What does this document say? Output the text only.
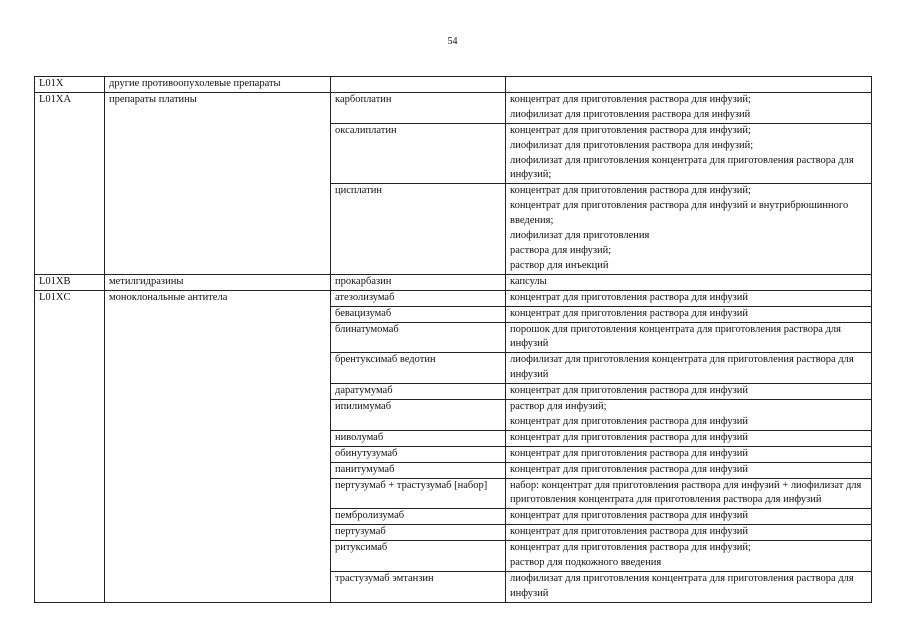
54
L01X	другие противоопухолевые препараты		
L01XA	препараты платины	карбоплатин	концентрат для приготовления раствора для инфузий;
лиофилизат для приготовления раствора для инфузий

		оксалиплатин	концентрат для приготовления раствора для инфузий;
лиофилизат для приготовления раствора для инфузий;
лиофилизат для приготовления концентрата для приготовления раствора для инфузий;

		цисплатин	концентрат для приготовления раствора для инфузий;
концентрат для приготовления раствора для инфузий и внутрибрюшинного введения;
лиофилизат для приготовления
раствора для инфузий;
раствор для инъекций

L01XB	метилгидразины	прокарбазин	капсулы

L01XC	моноклональные антитела	атезолизумаб	концентрат для приготовления раствора для инфузий

		бевацизумаб	концентрат для приготовления раствора для инфузий

		блинатумомаб	порошок для приготовления концентрата для приготовления раствора для инфузий

		брентуксимаб ведотин	лиофилизат для приготовления концентрата для приготовления раствора для инфузий

		даратумумаб	концентрат для приготовления раствора для инфузий

		ипилимумаб	раствор для инфузий;
концентрат для приготовления раствора для инфузий

		ниволумаб	концентрат для приготовления раствора для инфузий

		обинутузумаб	концентрат для приготовления раствора для инфузий

		панитумумаб	концентрат для приготовления раствора для инфузий

		пертузумаб + трастузумаб [набор]	набор: концентрат для приготовления раствора для инфузий + лиофилизат для приготовления концентрата для приготовления раствора для инфузий

		пембролизумаб	концентрат для приготовления раствора для инфузий

		пертузумаб	концентрат для приготовления раствора для инфузий

		ритуксимаб	концентрат для приготовления раствора для инфузий;
раствор для подкожного введения

		трастузумаб эмтанзин	лиофилизат для приготовления концентрата для приготовления раствора для инфузий
